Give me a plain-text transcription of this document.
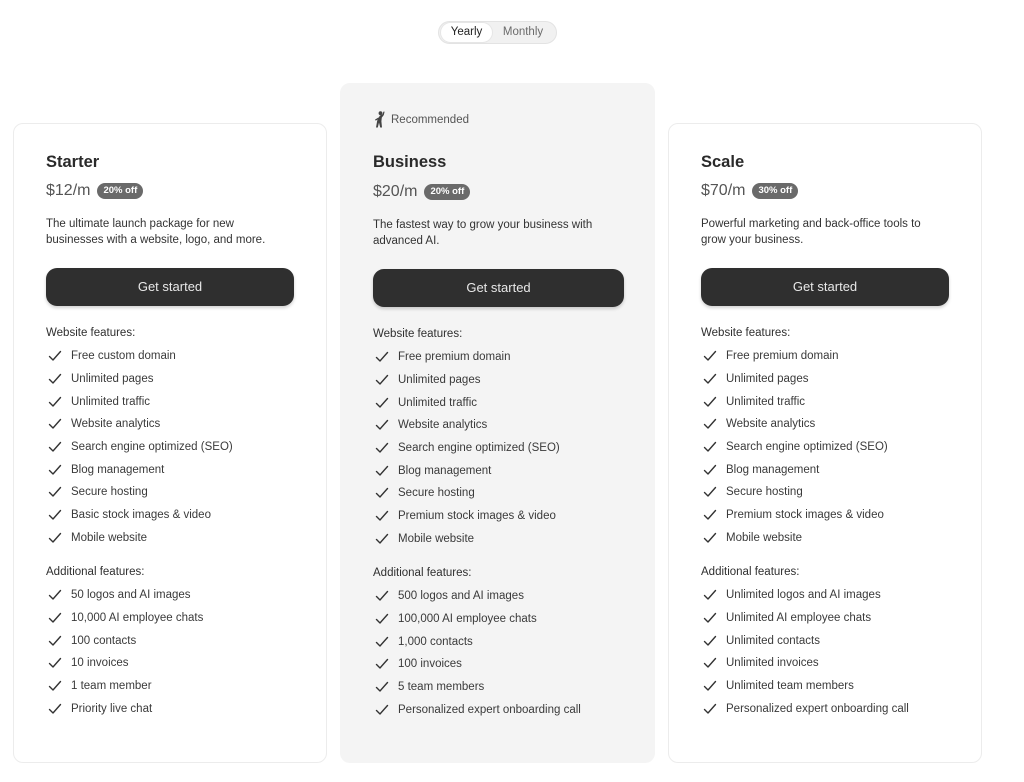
Yearly	Monthly
Starter
$12/m	20% off
The ultimate launch package for new
businesses with a website, logo, and more.
Get started
Website features:
Free custom domain
Unlimited pages
Unlimited traffic
Website analytics
Search engine optimized (SEO)
Blog management
Secure hosting
Basic stock images & video
Mobile website
Additional features:
50 logos and AI images
10,000 AI employee chats
100 contacts
10 invoices
1 team member
Priority live chat
Recommended
Business
$20/m	20% off
The fastest way to grow your business with
advanced AI.
Get started
Website features:
Free premium domain
Unlimited pages
Unlimited traffic
Website analytics
Search engine optimized (SEO)
Blog management
Secure hosting
Premium stock images & video
Mobile website
Additional features:
500 logos and AI images
100,000 AI employee chats
1,000 contacts
100 invoices
5 team members
Personalized expert onboarding call
Scale
$70/m	30% off
Powerful marketing and back-office tools to
grow your business.
Get started
Website features:
Free premium domain
Unlimited pages
Unlimited traffic
Website analytics
Search engine optimized (SEO)
Blog management
Secure hosting
Premium stock images & video
Mobile website
Additional features:
Unlimited logos and AI images
Unlimited AI employee chats
Unlimited contacts
Unlimited invoices
Unlimited team members
Personalized expert onboarding call
